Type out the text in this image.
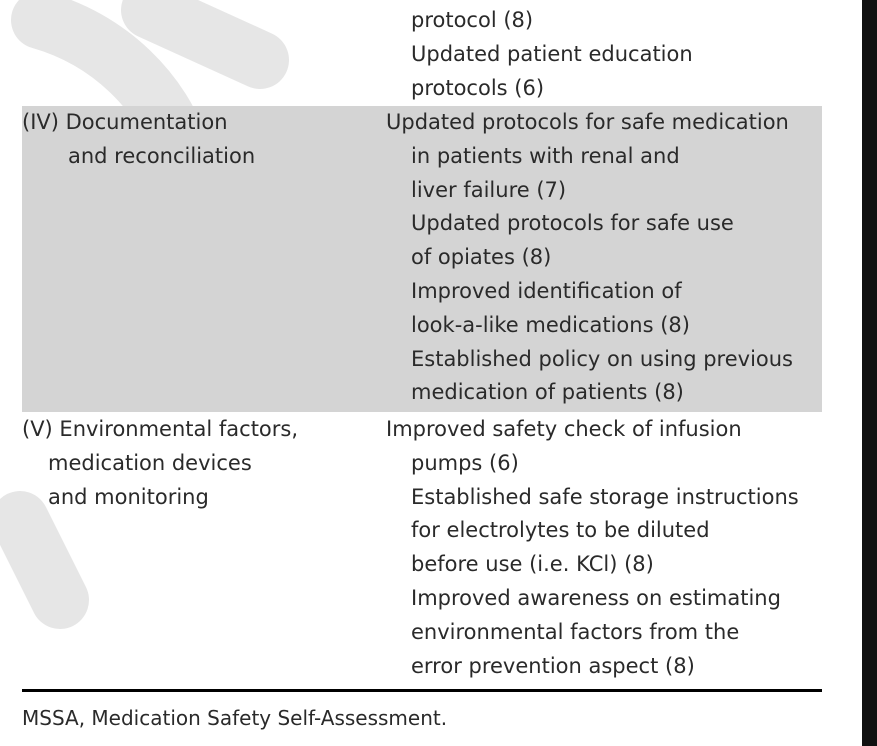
protocol (8)
Updated patient education
protocols (6)
(IV) Documentation
and reconciliation
Updated protocols for safe medication
in patients with renal and
liver failure (7)
Updated protocols for safe use
of opiates (8)
Improved identification of
look-a-like medications (8)
Established policy on using previous
medication of patients (8)
(V) Environmental factors,
medication devices
and monitoring
Improved safety check of infusion
pumps (6)
Established safe storage instructions
for electrolytes to be diluted
before use (i.e. KCl) (8)
Improved awareness on estimating
environmental factors from the
error prevention aspect (8)
MSSA, Medication Safety Self-Assessment.
